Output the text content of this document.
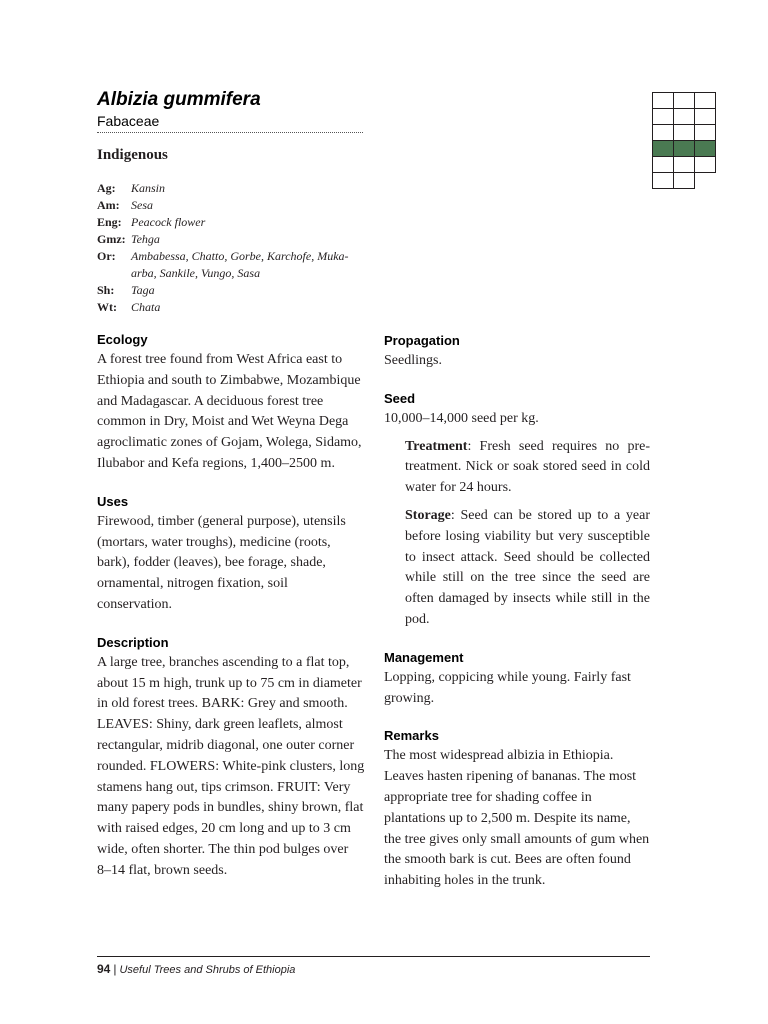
Albizia gummifera
Fabaceae
Indigenous
Ag:	Kansin
Am: Sesa
Eng: Peacock flower
Gmz: Tehga
Or:	Ambabessa, Chatto, Gorbe, Karchofe, Muka-arba, Sankile, Vungo, Sasa
Sh:	Taga
Wt:	Chata

Ecology

A forest tree found from West Africa east to Ethiopia and south to Zimbabwe, Mozambique and Madagascar. A deciduous forest tree common in Dry, Moist and Wet Weyna Dega agroclimatic zones of Gojam, Wolega, Sidamo, Ilubabor and Kefa regions, 1,400–2500 m.

Uses

Firewood, timber (general purpose), utensils (mortars, water troughs), medicine (roots, bark), fodder (leaves), bee forage, shade, ornamental, nitrogen fixation, soil conservation.

Description

A large tree, branches ascending to a flat top, about 15 m high, trunk up to 75 cm in diameter in old forest trees. BARK: Grey and smooth. LEAVES: Shiny, dark green leaflets, almost rectangular, midrib diagonal, one outer corner rounded. FLOWERS: White-pink clusters, long stamens hang out, tips crimson. FRUIT: Very many papery pods in bundles, shiny brown, flat with raised edges, 20 cm long and up to 3 cm wide, often shorter. The thin pod bulges over 8–14 flat, brown seeds.

Propagation

Seedlings.

Seed

10,000–14,000 seed per kg.

Treatment: Fresh seed requires no pre-treatment. Nick or soak stored seed in cold water for 24 hours.

Storage: Seed can be stored up to a year before losing viability but very susceptible to insect attack. Seed should be collected while still on the tree since the seed are often damaged by insects while still in the pod.

Management

Lopping, coppicing while young. Fairly fast growing.

Remarks

The most widespread albizia in Ethiopia. Leaves hasten ripening of bananas. The most appropriate tree for shading coffee in plantations up to 2,500 m. Despite its name, the tree gives only small amounts of gum when the smooth bark is cut. Bees are often found inhabiting holes in the trunk.

94 | Useful Trees and Shrubs of Ethiopia
